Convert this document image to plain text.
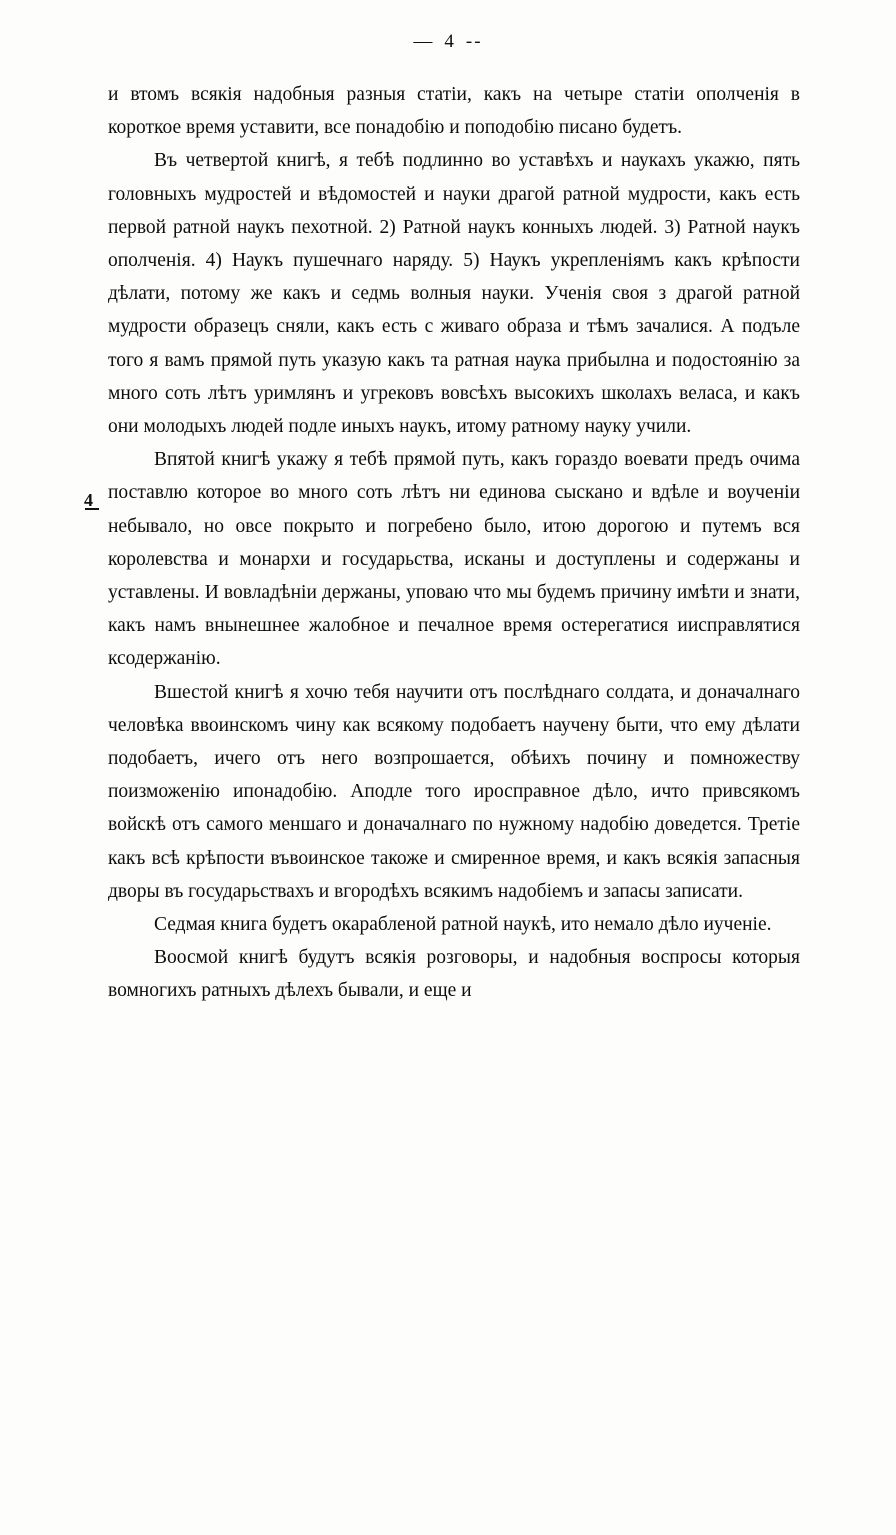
— 4 --
4

и втомъ всякія надобныя разныя статіи, какъ на четыре статіи ополченія в короткое время уставити, все понадобію и поподобію писано будетъ.

Въ четвертой книгѣ, я тебѣ подлинно во уставѣхъ и наукахъ укажю, пять головныхъ мудростей и вѣдомостей и науки драгой ратной мудрости, какъ есть первой ратной наукъ пехотной. 2) Ратной наукъ конныхъ людей. 3) Ратной наукъ ополченія. 4) Наукъ пушечнаго наряду. 5) Наукъ укрепленіямъ какъ крѣпости дѣлати, потому же какъ и седмь волныя науки. Ученія своя з драгой ратной мудрости образецъ сняли, какъ есть с живаго образа и тѣмъ зачалися. А подъле того я вамъ прямой путь указую какъ та ратная наука прибылна и подостоянію за много соть лѣтъ уримлянъ и угрековъ вовсѣхъ высокихъ школахъ веласа, и какъ они молодыхъ людей подле иныхъ наукъ, итому ратному науку учили.

Впятой книгѣ укажу я тебѣ прямой путь, какъ гораздо воевати предъ очима поставлю которое во много соть лѣтъ ни единова сыскано и вдѣле и воученіи небывало, но овсе покрыто и погребено было, итою дорогою и путемъ вся королевства и монархи и государьства, исканы и доступлены и содержаны и уставлены. И вовладѣніи держаны, уповаю что мы будемъ причину имѣти и знати, какъ намъ внынешнее жалобное и печалное время остерегатися иисправлятися ксодержанію.

Вшестой книгѣ я хочю тебя научити отъ послѣднаго солдата, и доначалнаго человѣка ввоинскомъ чину как всякому подобаетъ научену быти, что ему дѣлати подобаетъ, ичего отъ него возпрошается, обѣихъ почину и помножеству поизможенію ипонадобію. Аподле того иросправное дѣло, ичто привсякомъ войскѣ отъ самого меншаго и доначалнаго по нужному надобію доведется. Третіе какъ всѣ крѣпости въвоинское такоже и смиренное время, и какъ всякія запасныя дворы въ государьствахъ и вгородѣхъ всякимъ надобіемъ и запасы записати.

Седмая книга будетъ окарабленой ратной наукѣ, ито немало дѣло иученіе.

Воосмой книгѣ будутъ всякія розговоры, и надобныя воспросы которыя вомногихъ ратныхъ дѣлехъ бывали, и еще и
